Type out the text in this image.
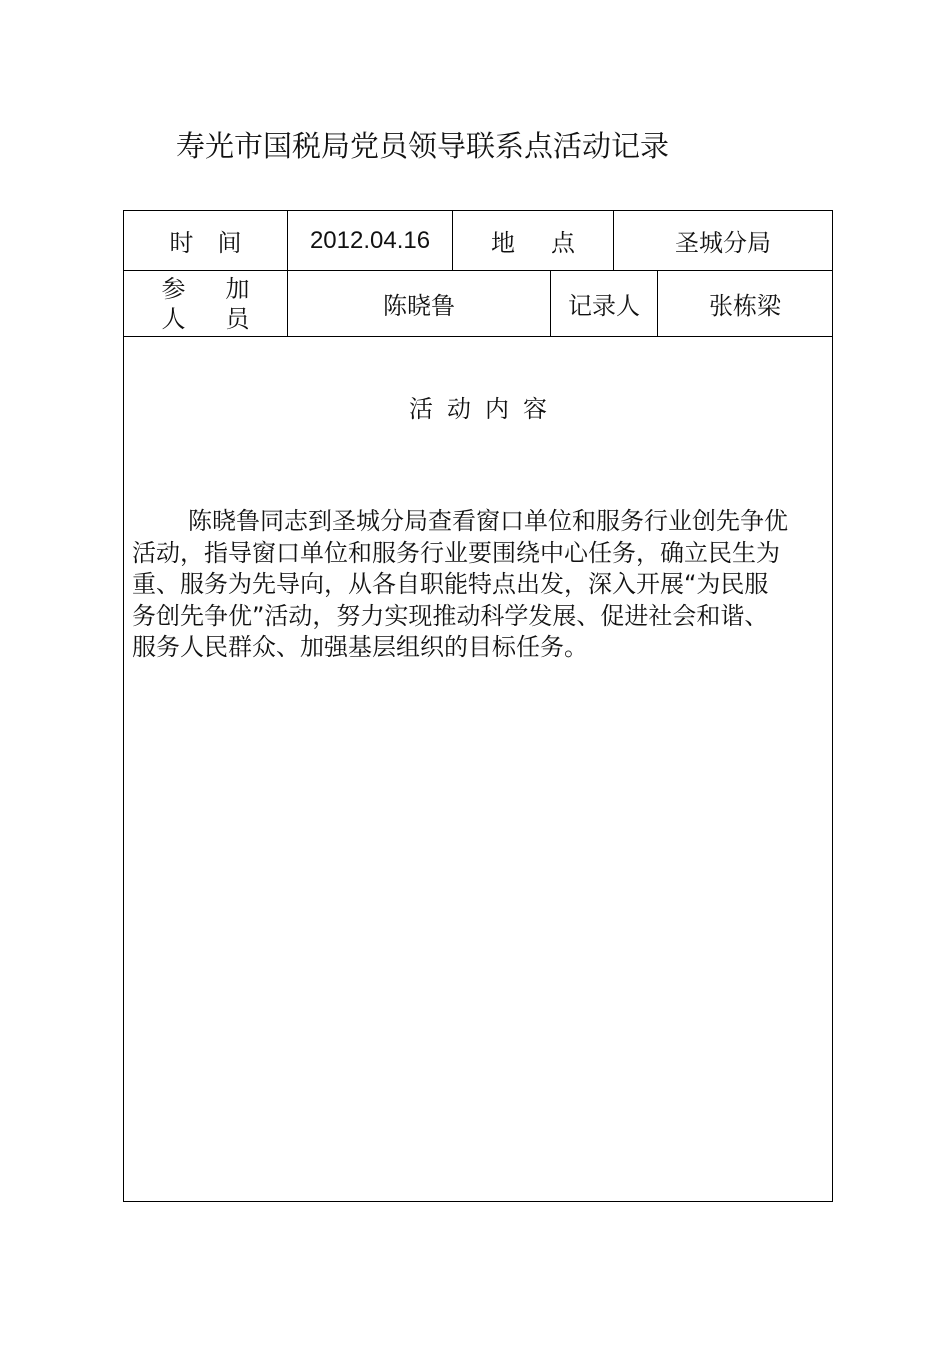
寿光市国税局党员领导联系点活动记录
时间 2012.04.16	地点	圣城分局
参加
人员	陈晓鲁	记录人	张栋梁
活动内容
陈晓鲁同志到圣城分局查看窗口单位和服务行业创先争优活动，指导窗口单位和服务行业要围绕中心任务，确立民生为重、服务为先导向，从各自职能特点出发，深入开展“为民服务创先争优”活动，努力实现推动科学发展、促进社会和谐、服务人民群众、加强基层组织的目标任务。
